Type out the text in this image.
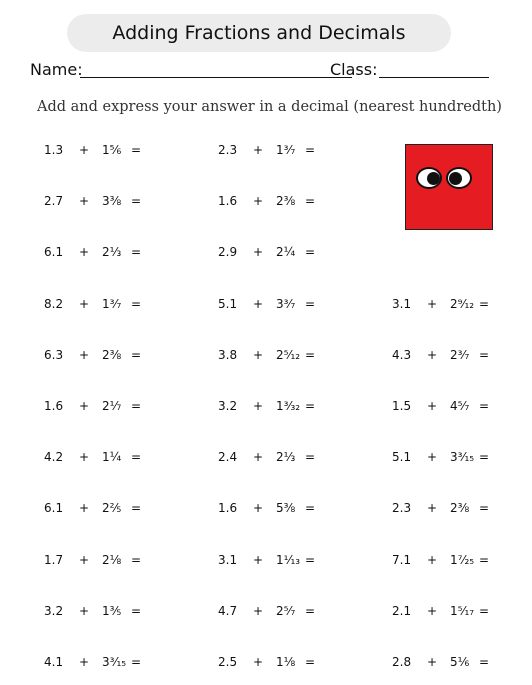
Adding Fractions and Decimals
Name:	Class:
Add and express your answer in a decimal (nearest hundredth)
1.3 + 1⅚ =
2.7 + 3⅜ =
6.1 + 2⅓ =
8.2 + 1³⁄₇ =
6.3 + 2⅜ =
1.6 + 2⅐ =
4.2 + 1¼ =
6.1 + 2⅖ =
1.7 + 2⅛ =
3.2 + 1⅗ =
4.1 + 3³⁄₁₅ =
2.3 + 1³⁄₇ =
1.6 + 2⅜ =
2.9 + 2¼ =
5.1 + 3³⁄₇ =
3.8 + 2⁵⁄₁₂ =
3.2 + 1³⁄₃₂ =
2.4 + 2⅓ =
1.6 + 5⅜ =
3.1 + 1¹⁄₁₃ =
4.7 + 2⁵⁄₇ =
2.5 + 1⅛ =
3.1 + 2⁹⁄₁₂ =
4.3 + 2³⁄₇ =
1.5 + 4⁵⁄₇ =
5.1 + 3³⁄₁₅ =
2.3 + 2⅜ =
7.1 + 1⁷⁄₂₅ =
2.1 + 1⁵⁄₁₇ =
2.8 + 5⅙ =
